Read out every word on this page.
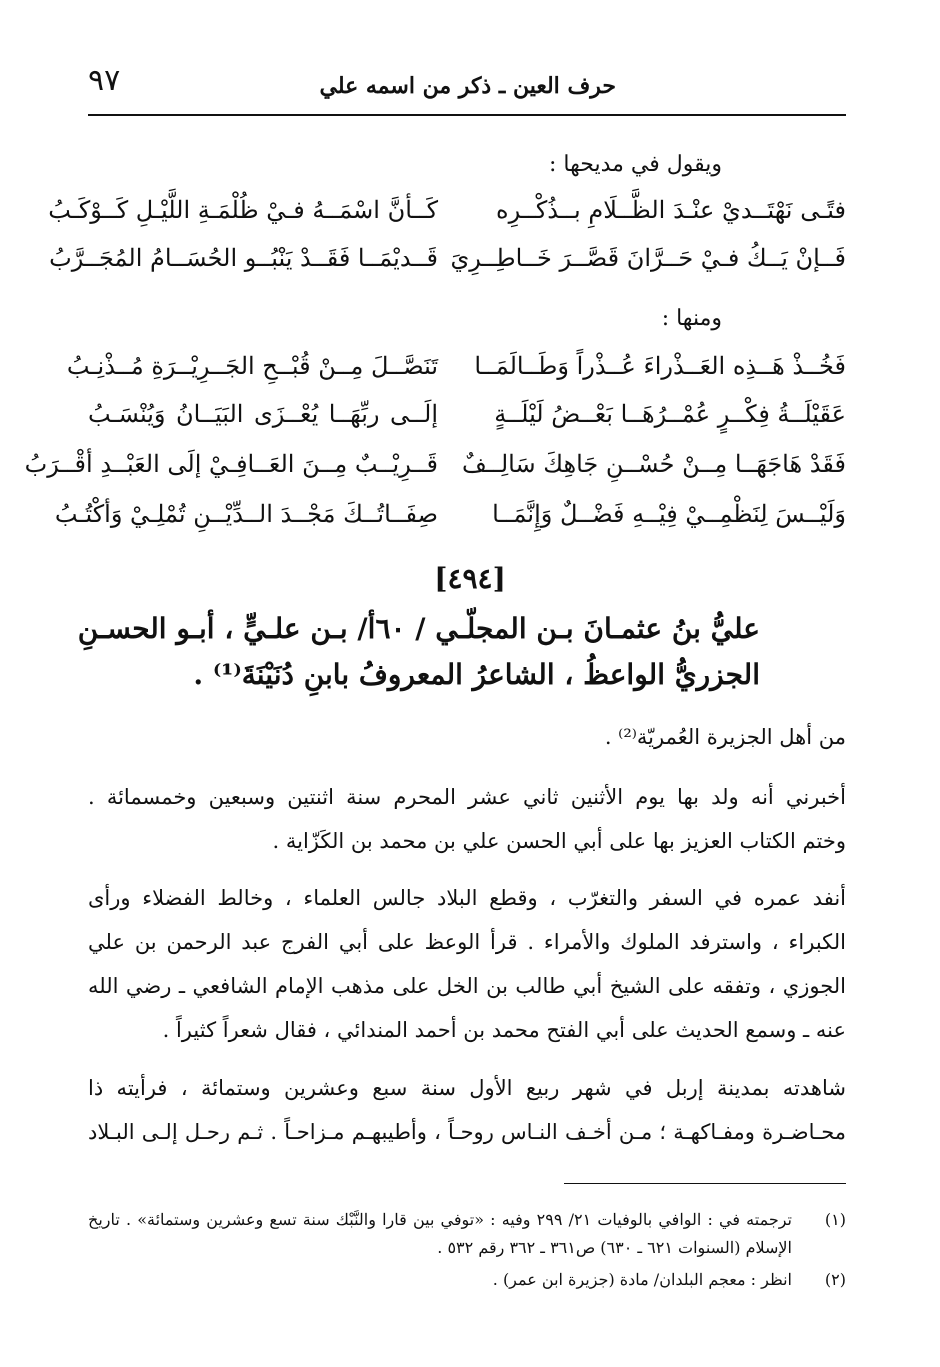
٩٧	حرف العين ـ ذكر من اسمه علي
ويقول في مديحها :
فتًـى نَهْتَــديْ عنْـدَ الظَّــلَامِ بــذُكْــرِه
كَــأنَّ اسْمَــهُ فـيْ ظُلْمَـةِ اللَّيْـلِ كَــوْكَـبُ
فَــإنْ يَــكُ فـيْ حَــرَّانَ قَصَّــرَ خَــاطِــرِيَ
قَــديْمَــا فَقَــدْ يَنْبُــو الحُسَــامُ المُجَــرَّبُ
ومنها :
فَخُــذْ هَــذِه العَــذْراءَ عُــذْراً وَطَــالَمَــا
تَنَصَّــلَ مِــنْ قُبْــحِ الجَــرِيْــرَةِ مُــذْنِـبُ
عَقَيْلَــةُ فِكْــرٍ عُمْــرُهَــا بَعْــضُ لَيْلَــةٍ
إلَــى ربِّهَــا يُعْــزَى البَيَــانُ وَيُنْسَـبُ
فَقَدْ هَاجَهَــا مِــنْ حُسْــنِ جَاهِكَ سَالِــفٌ
قَــرِيْــبٌ مِــنَ العَــافِـيْ إلَى العَبْــدِ أقْــرَبُ
وَلَيْــسَ لِنَظْمِــيْ فِيْــهِ فَضْــلٌ وَإِنَّمَــا
صِفَــاتُــكَ مَجْــدَ الــدِّيْــنِ تُمْلِـيْ وَأكْتُـبُ
[٤٩٤]
عليُّ بنُ عثمـانَ بـن المجلّـي / ٦٠أ/ بـن علـيٍّ ، أبـو الحسـنِ
الجزريُّ الواعظُ ، الشاعرُ المعروفُ بابنِ دُنَيْنَةَ⁽¹⁾ .
من أهل الجزيرة العُمريّة⁽²⁾ .
أخبرني أنه ولد بها يوم الأثنين ثاني عشر المحرم سنة اثنتين وسبعين وخمسمائة .
وختم الكتاب العزيز بها على أبي الحسن علي بن محمد بن الكَزّاية .
أنفد عمره في السفر والتغرّب ، وقطع البلاد جالس العلماء ، وخالط الفضلاء ورأى
الكبراء ، واسترفد الملوك والأمراء . قرأ الوعظ على أبي الفرج عبد الرحمن بن علي
الجوزي ، وتفقه على الشيخ أبي طالب بن الخل على مذهب الإمام الشافعي ـ رضي الله
عنه ـ وسمع الحديث على أبي الفتح محمد بن أحمد المندائي ، فقال شعراً كثيراً .
شاهدته بمدينة إربل في شهر ربيع الأول سنة سبع وعشرين وستمائة ، فرأيته ذا
محـاضـرة ومفـاكهـة ؛ مـن أخـف النـاس روحـاً ، وأطيبهـم مـزاحـاً . ثـم رحـل إلـى البـلاد
(١)
ترجمته في : الوافي بالوفيات ٢١/ ٢٩٩ وفيه : «توفي بين قارا والنَّبْك سنة تسع وعشرين وستمائة» . تاريخ
الإسلام (السنوات ٦٢١ ـ ٦٣٠) ص٣٦١ ـ ٣٦٢ رقم ٥٣٢ .
(٢)
انظر : معجم البلدان/ مادة (جزيرة ابن عمر) .
